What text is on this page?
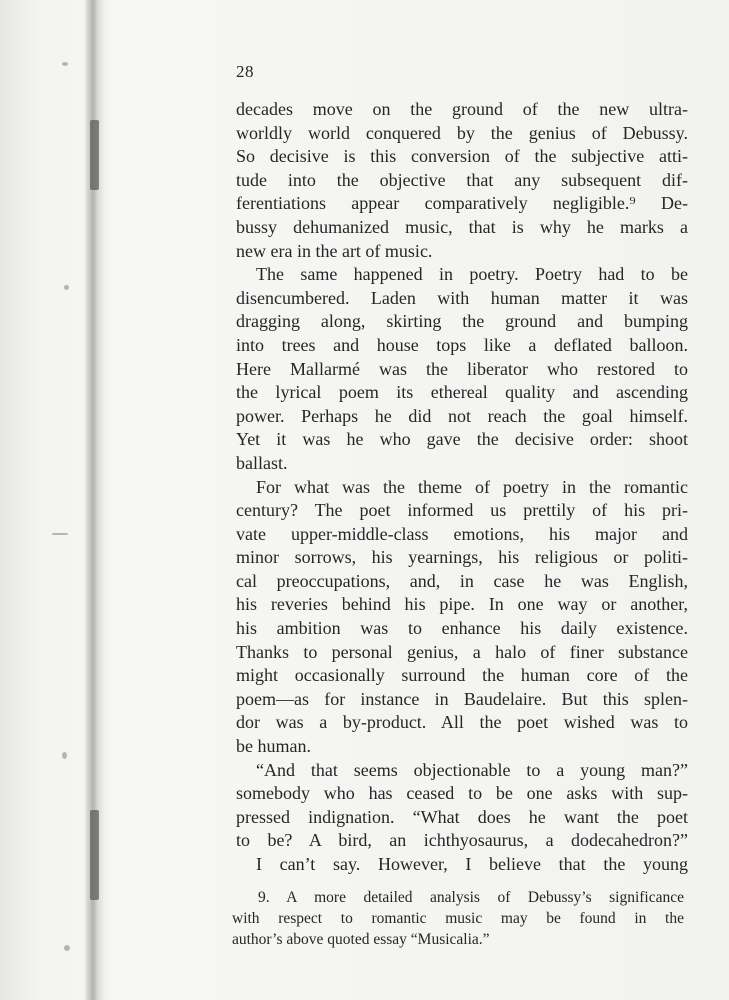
28
decades move on the ground of the new ultra-
worldly world conquered by the genius of Debussy.
So decisive is this conversion of the subjective atti-
tude into the objective that any subsequent dif-
ferentiations appear comparatively negligible.⁹ De-
bussy dehumanized music, that is why he marks a
new era in the art of music.
The same happened in poetry. Poetry had to be
disencumbered. Laden with human matter it was
dragging along, skirting the ground and bumping
into trees and house tops like a deflated balloon.
Here Mallarmé was the liberator who restored to
the lyrical poem its ethereal quality and ascending
power. Perhaps he did not reach the goal himself.
Yet it was he who gave the decisive order: shoot
ballast.
For what was the theme of poetry in the romantic
century? The poet informed us prettily of his pri-
vate upper-middle-class emotions, his major and
minor sorrows, his yearnings, his religious or politi-
cal preoccupations, and, in case he was English,
his reveries behind his pipe. In one way or another,
his ambition was to enhance his daily existence.
Thanks to personal genius, a halo of finer substance
might occasionally surround the human core of the
poem—as for instance in Baudelaire. But this splen-
dor was a by-product. All the poet wished was to
be human.
“And that seems objectionable to a young man?”
somebody who has ceased to be one asks with sup-
pressed indignation. “What does he want the poet
to be? A bird, an ichthyosaurus, a dodecahedron?”
I can’t say. However, I believe that the young
9. A more detailed analysis of Debussy’s significance
with respect to romantic music may be found in the
author’s above quoted essay “Musicalia.”
